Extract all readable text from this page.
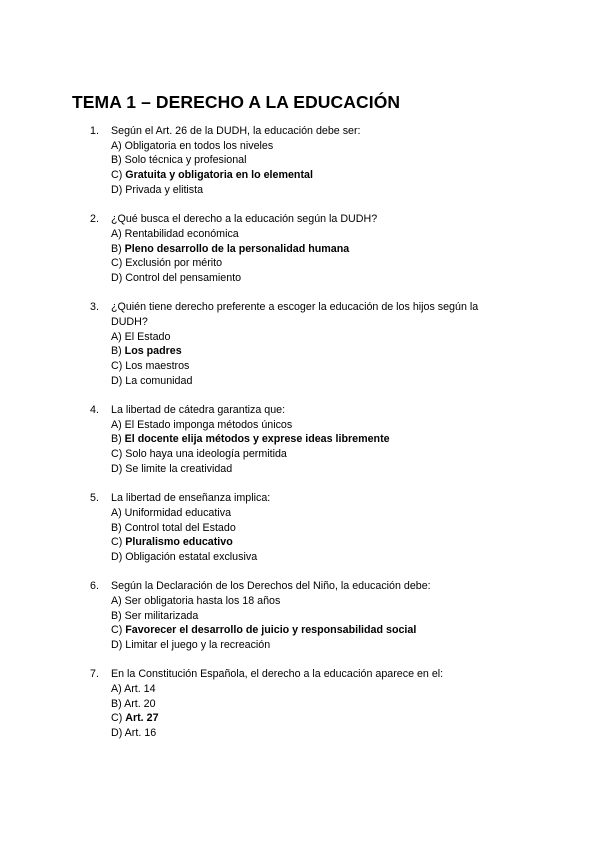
TEMA 1 – DERECHO A LA EDUCACIÓN
1.	Según el Art. 26 de la DUDH, la educación debe ser:
A) Obligatoria en todos los niveles
B) Solo técnica y profesional
C) Gratuita y obligatoria en lo elemental
D) Privada y elitista
2.	¿Qué busca el derecho a la educación según la DUDH?
A) Rentabilidad económica
B) Pleno desarrollo de la personalidad humana
C) Exclusión por mérito
D) Control del pensamiento
3.	¿Quién tiene derecho preferente a escoger la educación de los hijos según la DUDH?
A) El Estado
B) Los padres
C) Los maestros
D) La comunidad
4.	La libertad de cátedra garantiza que:
A) El Estado imponga métodos únicos
B) El docente elija métodos y exprese ideas libremente
C) Solo haya una ideología permitida
D) Se limite la creatividad
5.	La libertad de enseñanza implica:
A) Uniformidad educativa
B) Control total del Estado
C) Pluralismo educativo
D) Obligación estatal exclusiva
6.	Según la Declaración de los Derechos del Niño, la educación debe:
A) Ser obligatoria hasta los 18 años
B) Ser militarizada
C) Favorecer el desarrollo de juicio y responsabilidad social
D) Limitar el juego y la recreación
7.	En la Constitución Española, el derecho a la educación aparece en el:
A) Art. 14
B) Art. 20
C) Art. 27
D) Art. 16
